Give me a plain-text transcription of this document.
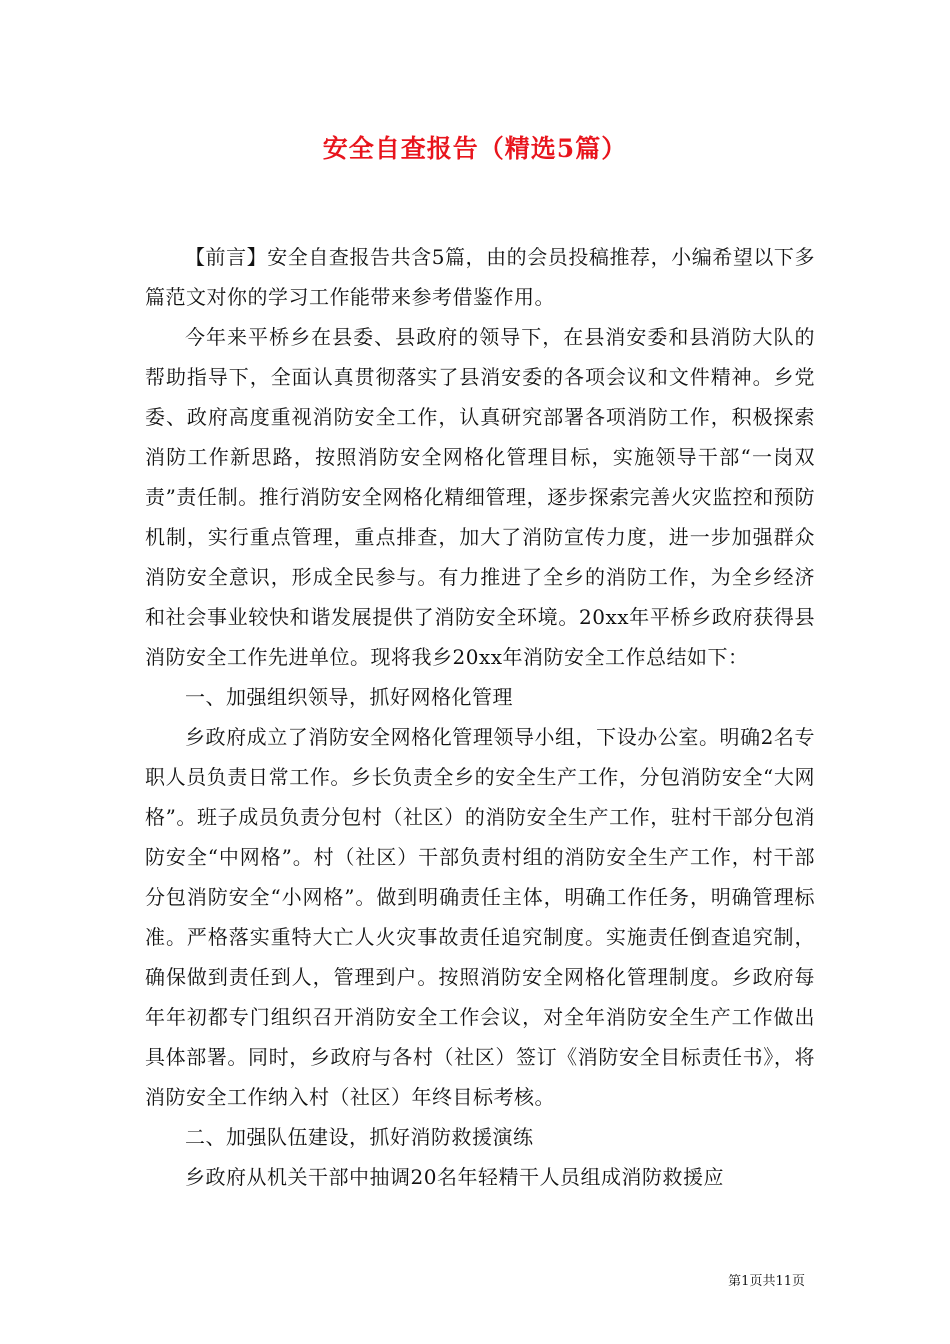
安全自查报告（精选5篇）

【前言】安全自查报告共含5篇，由的会员投稿推荐，小编希望以下多篇范文对你的学习工作能带来参考借鉴作用。

今年来平桥乡在县委、县政府的领导下，在县消安委和县消防大队的帮助指导下，全面认真贯彻落实了县消安委的各项会议和文件精神。乡党委、政府高度重视消防安全工作，认真研究部署各项消防工作，积极探索消防工作新思路，按照消防安全网格化管理目标，实施领导干部“一岗双责”责任制。推行消防安全网格化精细管理，逐步探索完善火灾监控和预防机制，实行重点管理，重点排查，加大了消防宣传力度，进一步加强群众消防安全意识，形成全民参与。有力推进了全乡的消防工作，为全乡经济和社会事业较快和谐发展提供了消防安全环境。20xx年平桥乡政府获得县消防安全工作先进单位。现将我乡20xx年消防安全工作总结如下：

一、加强组织领导，抓好网格化管理

乡政府成立了消防安全网格化管理领导小组，下设办公室。明确2名专职人员负责日常工作。乡长负责全乡的安全生产工作，分包消防安全“大网格”。班子成员负责分包村（社区）的消防安全生产工作，驻村干部分包消防安全“中网格”。村（社区）干部负责村组的消防安全生产工作，村干部分包消防安全“小网格”。做到明确责任主体，明确工作任务，明确管理标准。严格落实重特大亡人火灾事故责任追究制度。实施责任倒查追究制，确保做到责任到人，管理到户。按照消防安全网格化管理制度。乡政府每年年初都专门组织召开消防安全工作会议，对全年消防安全生产工作做出具体部署。同时，乡政府与各村（社区）签订《消防安全目标责任书》，将消防安全工作纳入村（社区）年终目标考核。

二、加强队伍建设，抓好消防救援演练

乡政府从机关干部中抽调20名年轻精干人员组成消防救援应

第1页共11页
